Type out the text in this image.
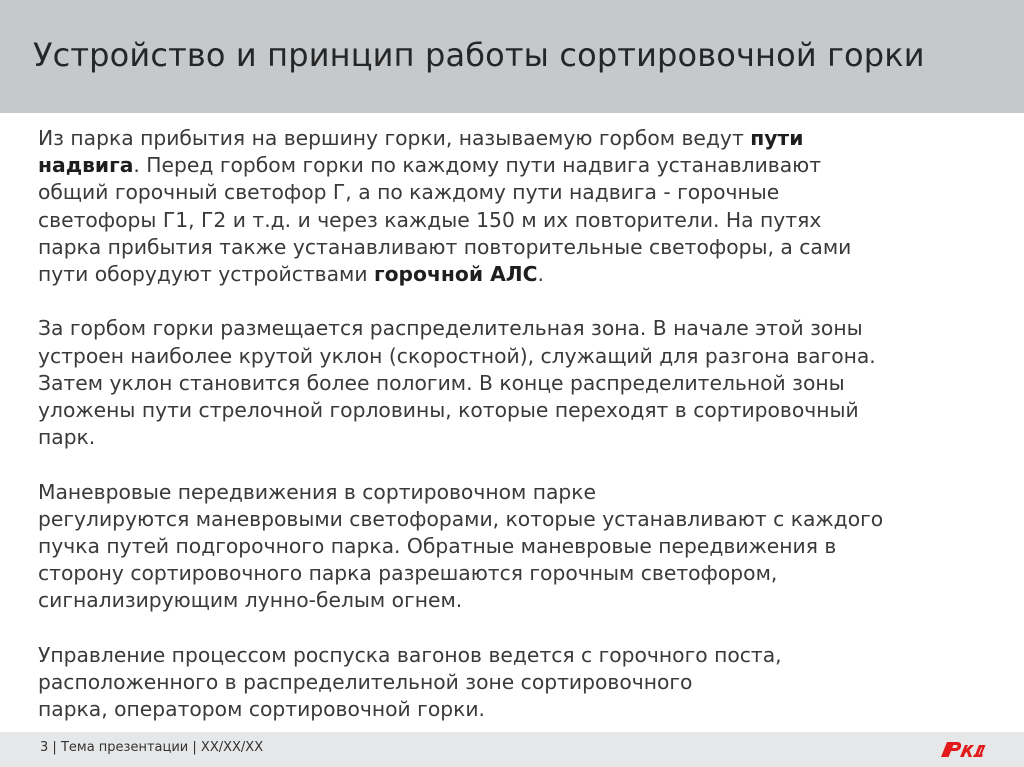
Устройство и принцип работы сортировочной горки
Из парка прибытия на вершину горки, называемую горбом ведут пути
надвига. Перед горбом горки по каждому пути надвига устанавливают
общий горочный светофор Г, а по каждому пути надвига - горочные
светофоры Г1, Г2 и т.д. и через каждые 150 м их повторители. На путях
парка прибытия также устанавливают повторительные светофоры, а сами
пути оборудуют устройствами горочной АЛС.
За горбом горки размещается распределительная зона. В начале этой зоны
устроен наиболее крутой уклон (скоростной), служащий для разгона вагона.
Затем уклон становится более пологим. В конце распределительной зоны
уложены пути стрелочной горловины, которые переходят в сортировочный
парк.
Маневровые передвижения в сортировочном парке
регулируются маневровыми светофорами, которые устанавливают с каждого
пучка путей подгорочного парка. Обратные маневровые передвижения в
сторону сортировочного парка разрешаются горочным светофором,
сигнализирующим лунно-белым огнем.
Управление процессом роспуска вагонов ведется с горочного поста,
расположенного в распределительной зоне сортировочного
парка, оператором сортировочной горки.
3 | Тема презентации | XX/XX/XX
